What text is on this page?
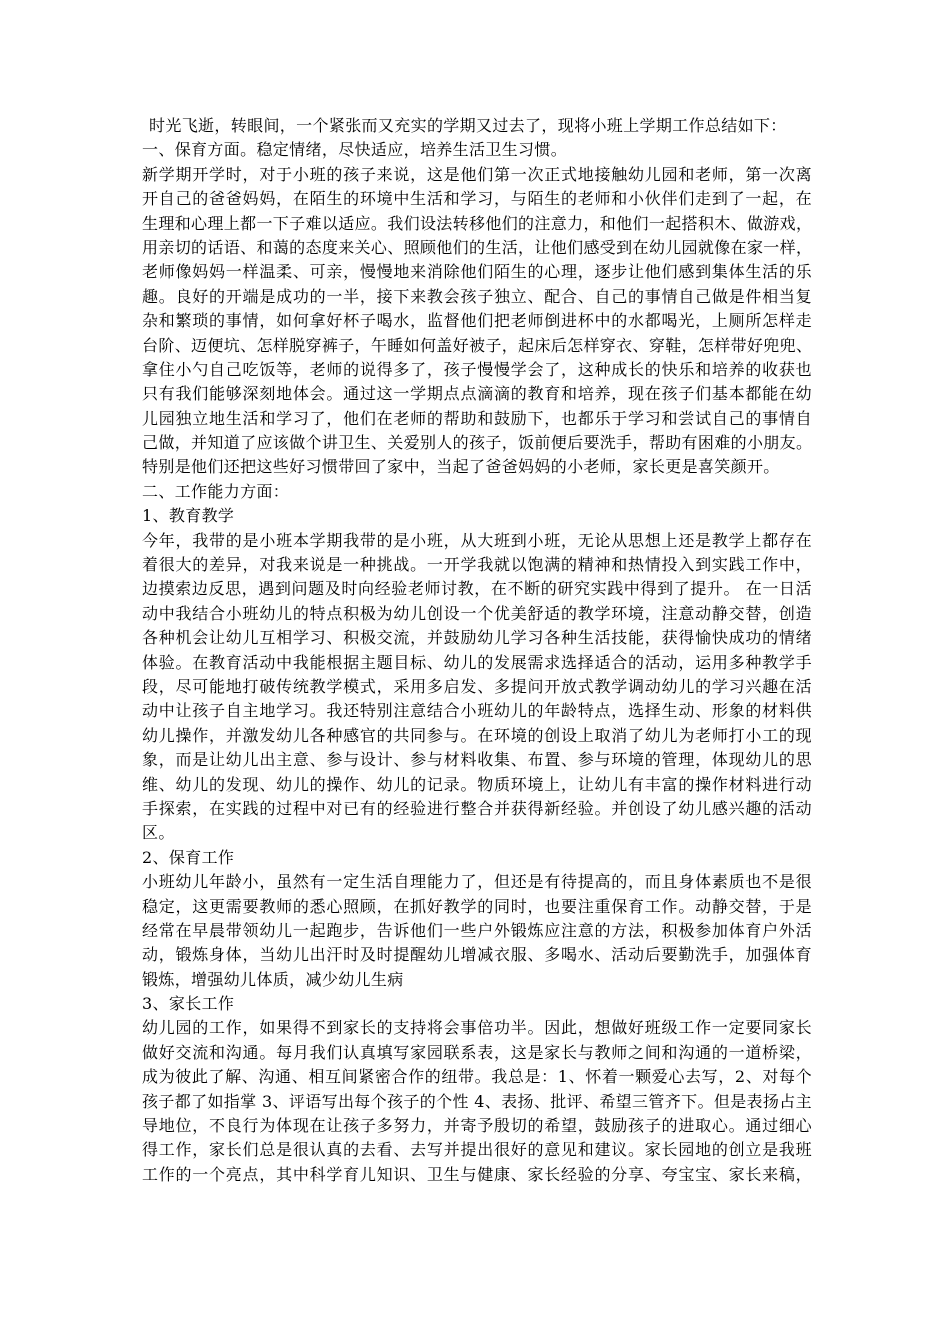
时光飞逝，转眼间，一个紧张而又充实的学期又过去了，现将小班上学期工作总结如下：
一、保育方面。稳定情绪，尽快适应，培养生活卫生习惯。
新学期开学时，对于小班的孩子来说，这是他们第一次正式地接触幼儿园和老师，第一次离
开自己的爸爸妈妈，在陌生的环境中生活和学习，与陌生的老师和小伙伴们走到了一起，在
生理和心理上都一下子难以适应。我们设法转移他们的注意力，和他们一起搭积木、做游戏，
用亲切的话语、和蔼的态度来关心、照顾他们的生活，让他们感受到在幼儿园就像在家一样，
老师像妈妈一样温柔、可亲，慢慢地来消除他们陌生的心理，逐步让他们感到集体生活的乐
趣。良好的开端是成功的一半，接下来教会孩子独立、配合、自己的事情自己做是件相当复
杂和繁琐的事情，如何拿好杯子喝水，监督他们把老师倒进杯中的水都喝光，上厕所怎样走
台阶、迈便坑、怎样脱穿裤子，午睡如何盖好被子，起床后怎样穿衣、穿鞋，怎样带好兜兜、
拿住小勺自己吃饭等，老师的说得多了，孩子慢慢学会了，这种成长的快乐和培养的收获也
只有我们能够深刻地体会。通过这一学期点点滴滴的教育和培养，现在孩子们基本都能在幼
儿园独立地生活和学习了，他们在老师的帮助和鼓励下，也都乐于学习和尝试自己的事情自
己做，并知道了应该做个讲卫生、关爱别人的孩子，饭前便后要洗手，帮助有困难的小朋友。
特别是他们还把这些好习惯带回了家中，当起了爸爸妈妈的小老师，家长更是喜笑颜开。
二、工作能力方面：
1、教育教学
今年，我带的是小班本学期我带的是小班，从大班到小班，无论从思想上还是教学上都存在
着很大的差异，对我来说是一种挑战。一开学我就以饱满的精神和热情投入到实践工作中，
边摸索边反思，遇到问题及时向经验老师讨教，在不断的研究实践中得到了提升。 在一日活
动中我结合小班幼儿的特点积极为幼儿创设一个优美舒适的教学环境，注意动静交替，创造
各种机会让幼儿互相学习、积极交流，并鼓励幼儿学习各种生活技能，获得愉快成功的情绪
体验。在教育活动中我能根据主题目标、幼儿的发展需求选择适合的活动，运用多种教学手
段，尽可能地打破传统教学模式，采用多启发、多提问开放式教学调动幼儿的学习兴趣在活
动中让孩子自主地学习。我还特别注意结合小班幼儿的年龄特点，选择生动、形象的材料供
幼儿操作，并激发幼儿各种感官的共同参与。在环境的创设上取消了幼儿为老师打小工的现
象，而是让幼儿出主意、参与设计、参与材料收集、布置、参与环境的管理，体现幼儿的思
维、幼儿的发现、幼儿的操作、幼儿的记录。物质环境上，让幼儿有丰富的操作材料进行动
手探索，在实践的过程中对已有的经验进行整合并获得新经验。并创设了幼儿感兴趣的活动
区。
2、保育工作
小班幼儿年龄小，虽然有一定生活自理能力了，但还是有待提高的，而且身体素质也不是很
稳定，这更需要教师的悉心照顾，在抓好教学的同时，也要注重保育工作。动静交替，于是
经常在早晨带领幼儿一起跑步，告诉他们一些户外锻炼应注意的方法，积极参加体育户外活
动，锻炼身体，当幼儿出汗时及时提醒幼儿增减衣服、多喝水、活动后要勤洗手，加强体育
锻炼，增强幼儿体质，减少幼儿生病
3、家长工作
幼儿园的工作，如果得不到家长的支持将会事倍功半。因此，想做好班级工作一定要同家长
做好交流和沟通。每月我们认真填写家园联系表，这是家长与教师之间和沟通的一道桥梁，
成为彼此了解、沟通、相互间紧密合作的纽带。我总是：1、怀着一颗爱心去写，2、对每个
孩子都了如指掌 3、评语写出每个孩子的个性 4、表扬、批评、希望三管齐下。但是表扬占主
导地位，不良行为体现在让孩子多努力，并寄予殷切的希望，鼓励孩子的进取心。通过细心
得工作，家长们总是很认真的去看、去写并提出很好的意见和建议。家长园地的创立是我班
工作的一个亮点，其中科学育儿知识、卫生与健康、家长经验的分享、夸宝宝、家长来稿，
